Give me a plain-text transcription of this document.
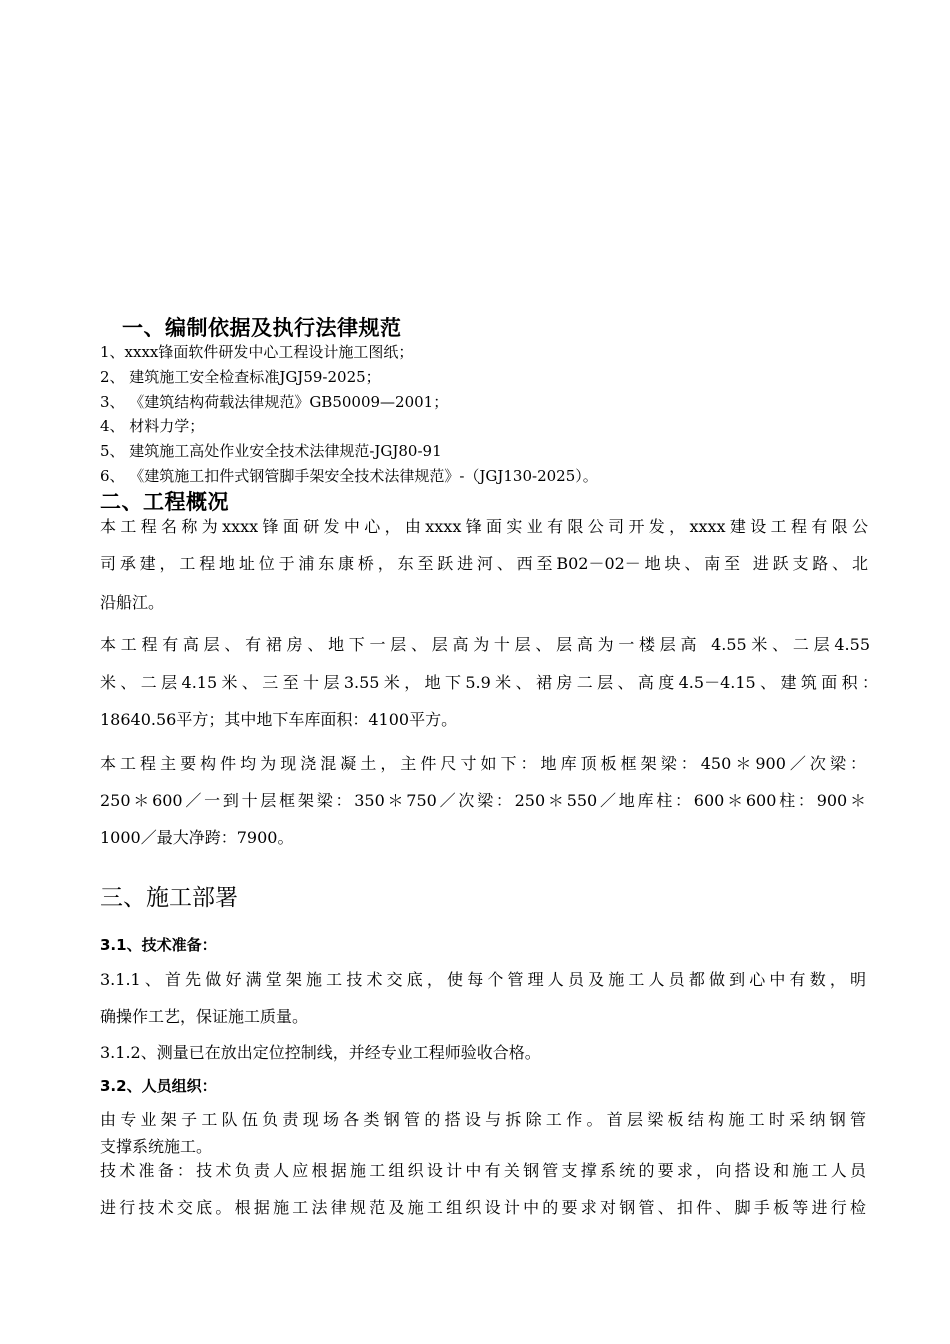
一、编制依据及执行法律规范
1、xxxx锋面软件研发中心工程设计施工图纸；
2、 建筑施工安全检查标准JGJ59-2025；
3、 《建筑结构荷载法律规范》GB50009—2001；
4、 材料力学；
5、 建筑施工高处作业安全技术法律规范-JGJ80-91
6、 《建筑施工扣件式钢管脚手架安全技术法律规范》-（JGJ130-2025）。
二、工程概况
本工程名称为xxxx锋面研发中心，由xxxx锋面实业有限公司开发，xxxx建设工程有限公
司承建，工程地址位于浦东康桥，东至跃进河、西至B02－02－地块、南至 进跃支路、北
沿船江。
本工程有高层、有裙房、地下一层、层高为十层、层高为一楼层高 4.55米、二层4.55
米、二层4.15米、三至十层3.55米，地下5.9米、裙房二层、高度4.5－4.15、建筑面积：
18640.56平方；其中地下车库面积：4100平方。
本工程主要构件均为现浇混凝土，主件尺寸如下：地库顶板框架梁：450＊900／次梁：
250＊600／一到十层框架梁：350＊750／次梁：250＊550／地库柱：600＊600柱：900＊
1000／最大净跨：7900。
三、施工部署
3.1、技术准备：
3.1.1、首先做好满堂架施工技术交底，使每个管理人员及施工人员都做到心中有数，明
确操作工艺，保证施工质量。
3.1.2、测量已在放出定位控制线，并经专业工程师验收合格。
3.2、人员组织：
由专业架子工队伍负责现场各类钢管的搭设与拆除工作。首层梁板结构施工时采纳钢管
支撑系统施工。
技术准备：技术负责人应根据施工组织设计中有关钢管支撑系统的要求，向搭设和施工人员
进行技术交底。根据施工法律规范及施工组织设计中的要求对钢管、扣件、脚手板等进行检
